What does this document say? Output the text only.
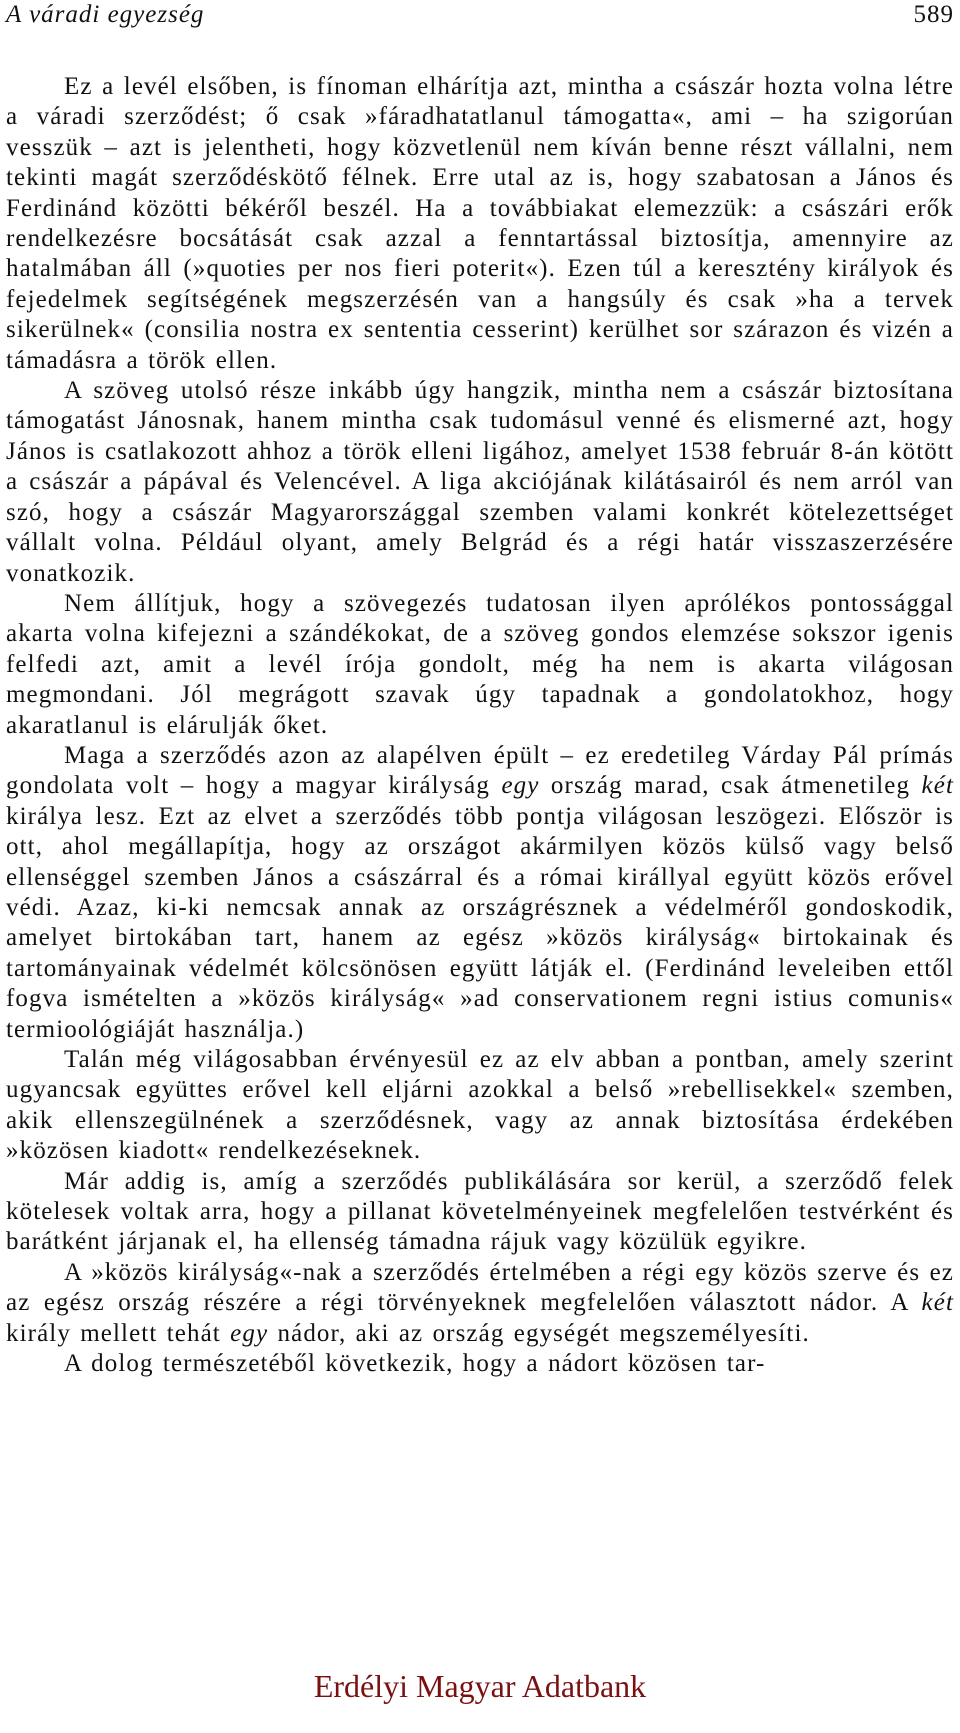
A váradi egyezség	589

Ez a levél elsőben, is fínoman elhárítja azt, mintha a császár hozta volna létre a váradi szerződést; ő csak »fáradhatatlanul támogatta«, ami – ha szigorúan vesszük – azt is jelentheti, hogy közvetlenül nem kíván benne részt vállalni, nem tekinti magát szerződéskötő félnek. Erre utal az is, hogy szabatosan a János és Ferdinánd közötti békéről beszél. Ha a továbbiakat elemezzük: a császári erők rendelkezésre bocsátását csak azzal a fenntartással biztosítja, amennyire az hatalmában áll (»quoties per nos fieri poterit«). Ezen túl a keresztény királyok és fejedelmek segítségének megszerzésén van a hangsúly és csak »ha a tervek sikerülnek« (consilia nostra ex sententia cesserint) kerülhet sor szárazon és vizén a támadásra a török ellen.

A szöveg utolsó része inkább úgy hangzik, mintha nem a császár biztosítana támogatást Jánosnak, hanem mintha csak tudomásul venné és elismerné azt, hogy János is csatlakozott ahhoz a török elleni ligához, amelyet 1538 február 8-án kötött a császár a pápával és Velencével. A liga akciójának kilátásairól és nem arról van szó, hogy a császár Magyarországgal szemben valami konkrét kötelezettséget vállalt volna. Például olyant, amely Belgrád és a régi határ visszaszerzésére vonatkozik.

Nem állítjuk, hogy a szövegezés tudatosan ilyen aprólékos pontossággal akarta volna kifejezni a szándékokat, de a szöveg gondos elemzése sokszor igenis felfedi azt, amit a levél írója gondolt, még ha nem is akarta világosan megmondani. Jól megrágott szavak úgy tapadnak a gondolatokhoz, hogy akaratlanul is elárulják őket.

Maga a szerződés azon az alapélven épült – ez eredetileg Várday Pál prímás gondolata volt – hogy a magyar királyság egy ország marad, csak átmenetileg két királya lesz. Ezt az elvet a szerződés több pontja világosan leszögezi. Először is ott, ahol megállapítja, hogy az országot akármilyen közös külső vagy belső ellenséggel szemben János a császárral és a római királlyal együtt közös erővel védi. Azaz, ki-ki nemcsak annak az országrésznek a védelméről gondoskodik, amelyet birtokában tart, hanem az egész »közös királyság« birtokainak és tartományainak védelmét kölcsönösen együtt látják el. (Ferdinánd leveleiben ettől fogva ismételten a »közös királyság« »ad conservationem regni istius comunis« termioológiáját használja.)

Talán még világosabban érvényesül ez az elv abban a pontban, amely szerint ugyancsak együttes erővel kell eljárni azokkal a belső »rebellisekkel« szemben, akik ellenszegülnének a szerződésnek, vagy az annak biztosítása érdekében »közösen kiadott« rendelkezéseknek.

Már addig is, amíg a szerződés publikálására sor kerül, a szerződő felek kötelesek voltak arra, hogy a pillanat követelményeinek megfelelően testvérként és barátként járjanak el, ha ellenség támadna rájuk vagy közülük egyikre.

A »közös királyság«-nak a szerződés értelmében a régi egy közös szerve és ez az egész ország részére a régi törvényeknek megfelelően választott nádor. A két király mellett tehát egy nádor, aki az ország egységét megszemélyesíti.

A dolog természetéből következik, hogy a nádort közösen tar-

Erdélyi Magyar Adatbank
